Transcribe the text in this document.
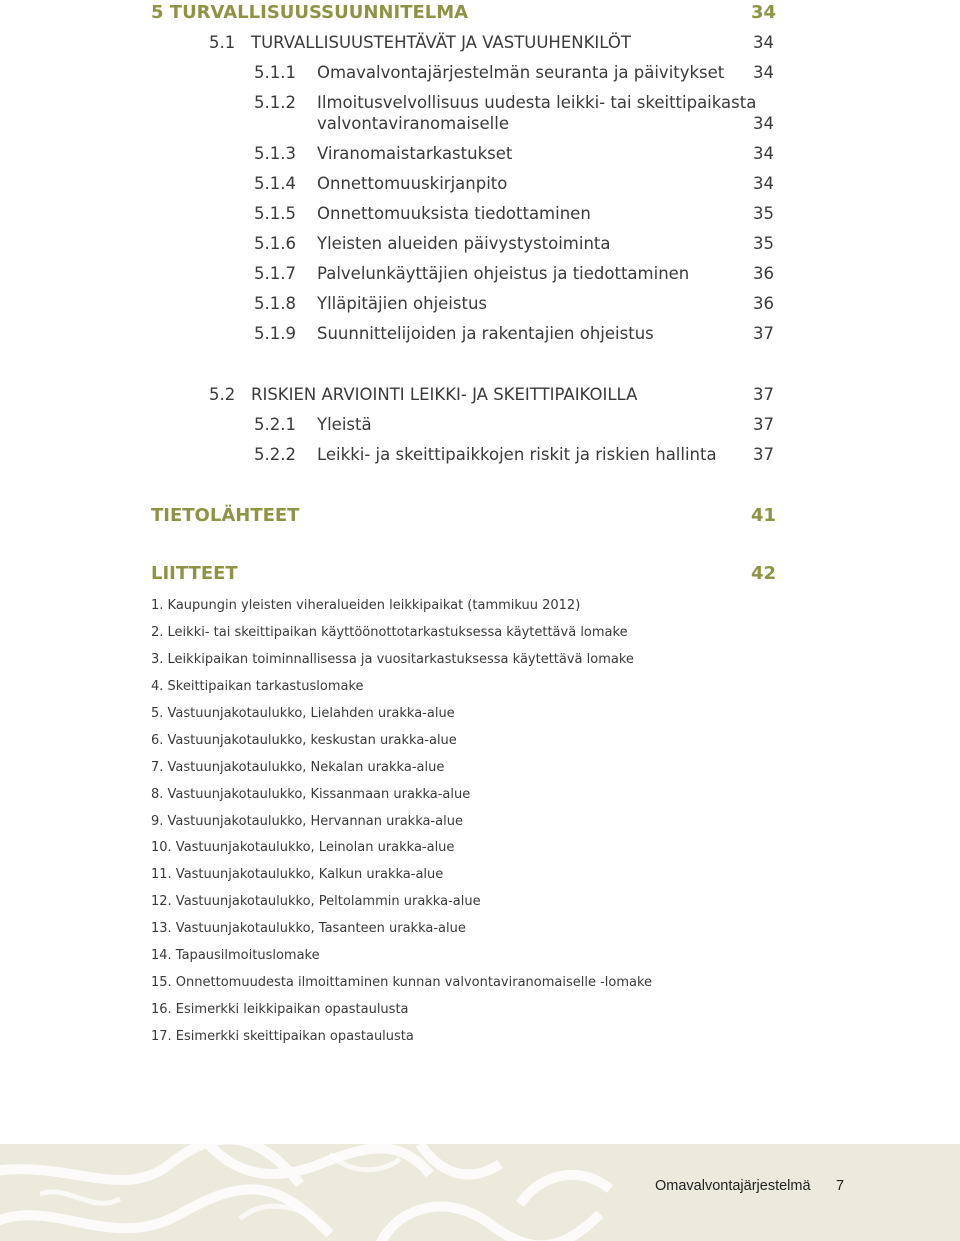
5 TURVALLISUUSSUUNNITELMA	34
5.1 TURVALLISUUSTEHTÄVÄT JA VASTUUHENKILÖT	34
5.1.1 Omavalvontajärjestelmän seuranta ja päivitykset 34
5.1.2 Ilmoitusvelvollisuus uudesta leikki- tai skeittipaikasta
valvontaviranomaiselle	34
5.1.3 Viranomaistarkastukset	34
5.1.4 Onnettomuuskirjanpito	34
5.1.5 Onnettomuuksista tiedottaminen	35
5.1.6 Yleisten alueiden päivystystoiminta	35
5.1.7 Palvelunkäyttäjien ohjeistus ja tiedottaminen	36
5.1.8 Ylläpitäjien ohjeistus	36
5.1.9 Suunnittelijoiden ja rakentajien ohjeistus	37
5.2 RISKIEN ARVIOINTI LEIKKI- JA SKEITTIPAIKOILLA	37
5.2.1 Yleistä	37
5.2.2 Leikki- ja skeittipaikkojen riskit ja riskien hallinta 37
TIETOLÄHTEET	41
LIITTEET	42
1. Kaupungin yleisten viheralueiden leikkipaikat (tammikuu 2012)
2. Leikki- tai skeittipaikan käyttöönottotarkastuksessa käytettävä lomake
3. Leikkipaikan toiminnallisessa ja vuositarkastuksessa käytettävä lomake
4. Skeittipaikan tarkastuslomake
5. Vastuunjakotaulukko, Lielahden urakka-alue
6. Vastuunjakotaulukko, keskustan urakka-alue
7. Vastuunjakotaulukko, Nekalan urakka-alue
8. Vastuunjakotaulukko, Kissanmaan urakka-alue
9. Vastuunjakotaulukko, Hervannan urakka-alue
10. Vastuunjakotaulukko, Leinolan urakka-alue
11. Vastuunjakotaulukko, Kalkun urakka-alue
12. Vastuunjakotaulukko, Peltolammin urakka-alue
13. Vastuunjakotaulukko, Tasanteen urakka-alue
14. Tapausilmoituslomake
15. Onnettomuudesta ilmoittaminen kunnan valvontaviranomaiselle -lomake
16. Esimerkki leikkipaikan opastaulusta
17. Esimerkki skeittipaikan opastaulusta
Omavalvontajärjestelmä 7
